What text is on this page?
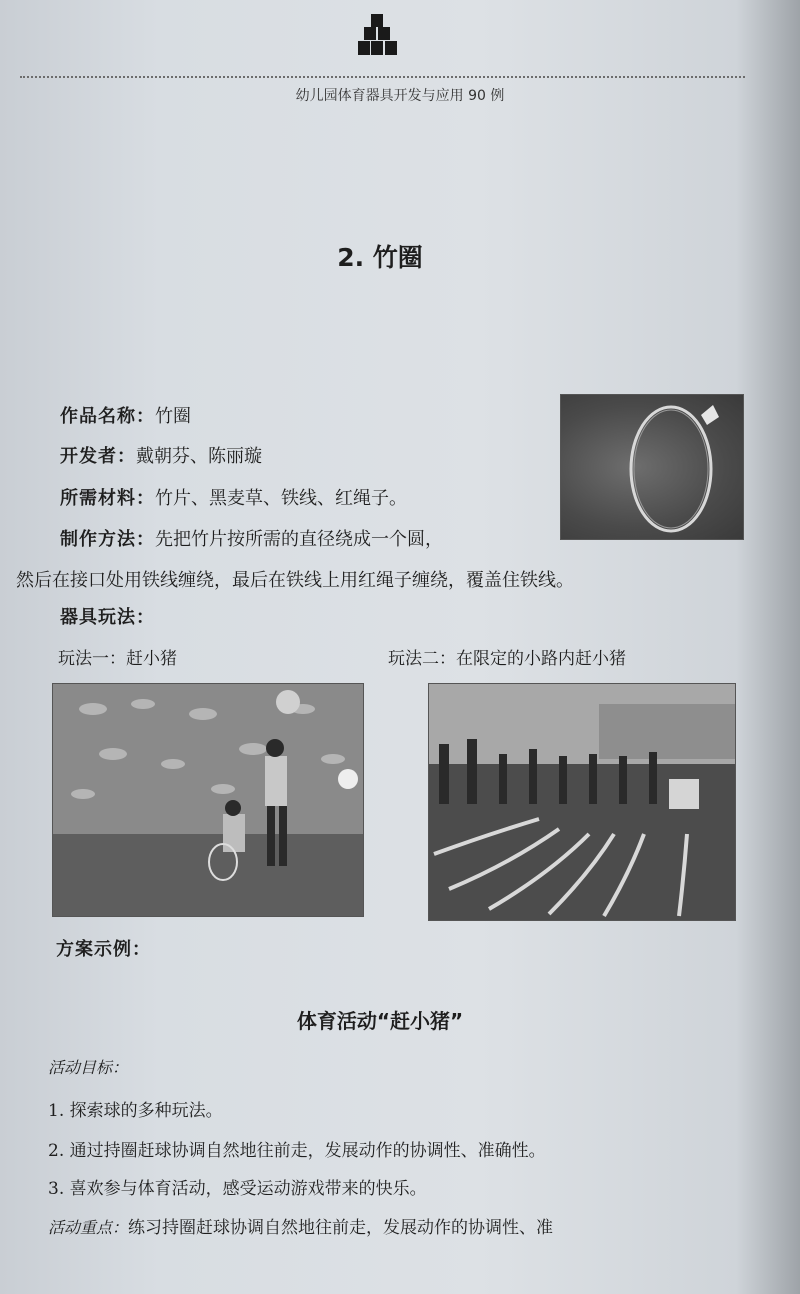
幼儿园体育器具开发与应用 90 例
2. 竹圈
作品名称：竹圈
开发者：戴朝芬、陈丽璇
所需材料：竹片、黑麦草、铁线、红绳子。
制作方法：先把竹片按所需的直径绕成一个圆，
然后在接口处用铁线缠绕，最后在铁线上用红绳子缠绕，覆盖住铁线。
器具玩法：
玩法一：赶小猪	玩法二：在限定的小路内赶小猪
方案示例：
体育活动“赶小猪”
活动目标：
1. 探索球的多种玩法。
2. 通过持圈赶球协调自然地往前走，发展动作的协调性、准确性。
3. 喜欢参与体育活动，感受运动游戏带来的快乐。
活动重点：练习持圈赶球协调自然地往前走，发展动作的协调性、准
